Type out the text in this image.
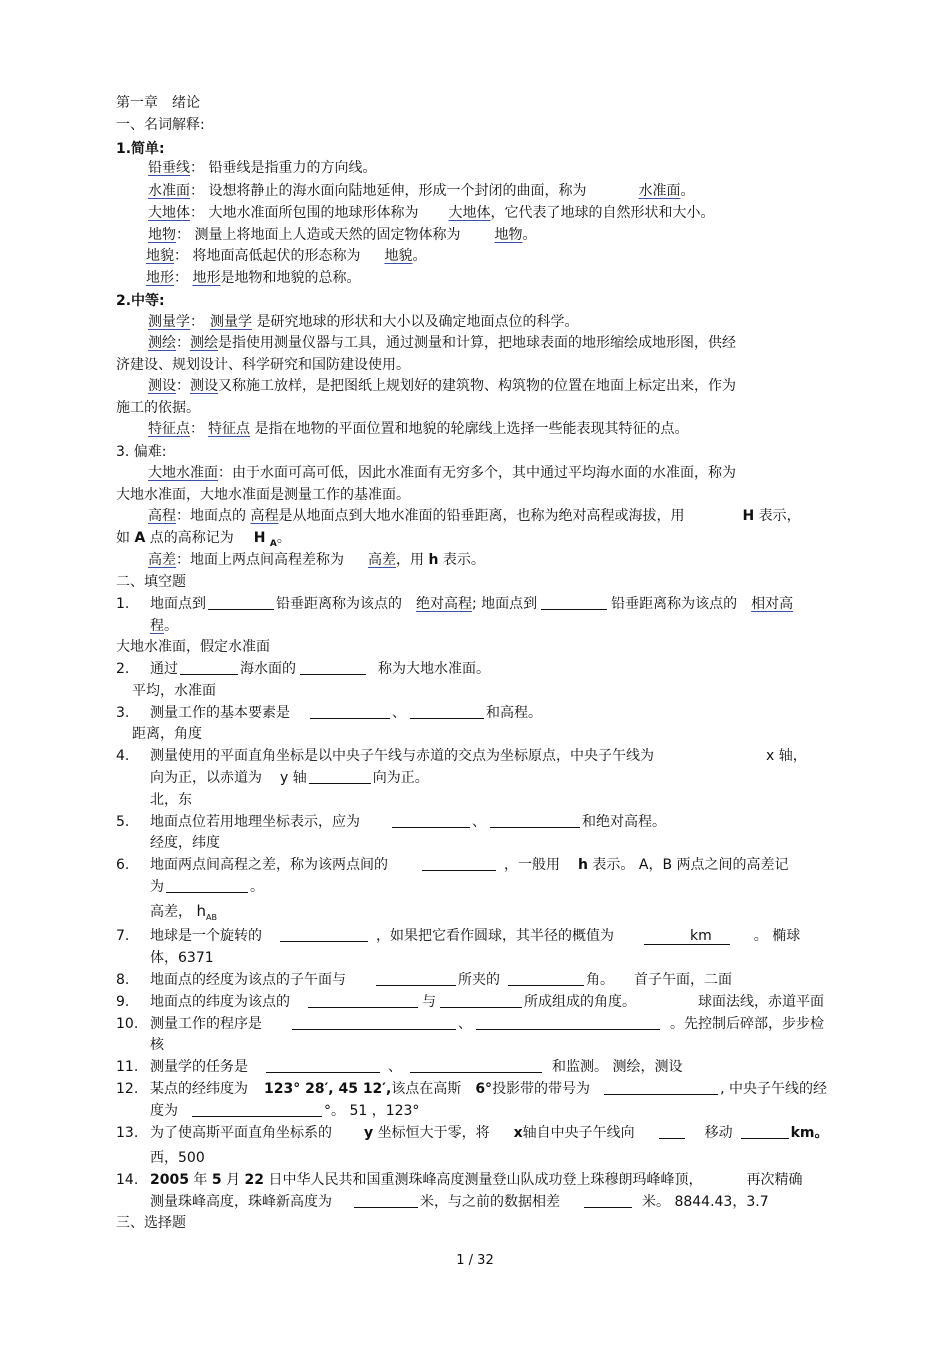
第一章　绪论
一、名词解释:
1.简单:
铅垂线： 铅垂线是指重力的方向线。
水准面： 设想将静止的海水面向陆地延伸，形成一个封闭的曲面，称为	水准面。
大地体： 大地水准面所包围的地球形体称为 大地体，它代表了地球的自然形状和大小。
地物： 测量上将地面上人造或天然的固定物体称为 地物。
地貌： 将地面高低起伏的形态称为 地貌。
地形： 地形是地物和地貌的总称。
2.中等:
测量学： 测量学 是研究地球的形状和大小以及确定地面点位的科学。
测绘：测绘是指使用测量仪器与工具，通过测量和计算，把地球表面的地形缩绘成地形图，供经
济建设、规划设计、科学研究和国防建设使用。
测设：测设又称施工放样，是把图纸上规划好的建筑物、构筑物的位置在地面上标定出来，作为
施工的依据。
特征点： 特征点 是指在地物的平面位置和地貌的轮廓线上选择一些能表现其特征的点。
3. 偏难:
大地水准面：由于水面可高可低，因此水准面有无穷多个，其中通过平均海水面的水准面，称为
大地水准面，大地水准面是测量工作的基准面。
高程：地面点的 高程是从地面点到大地水准面的铅垂距离，也称为绝对高程或海拔，用	H 表示，
如 A 点的高称记为 H $_A$。
高差：地面上两点间高程差称为 高差，用 h 表示。
二、填空题
1. 地面点到	铅垂距离称为该点的 绝对高程; 地面点到	铅垂距离称为该点的 相对高
程。
大地水准面，假定水准面
2. 通过	海水面的	称为大地水准面。
平均，水准面
3. 测量工作的基本要素是	、	和高程。
距离，角度
4. 测量使用的平面直角坐标是以中央子午线与赤道的交点为坐标原点，中央子午线为	x 轴，
向为正，以赤道为 y 轴	向为正。
北，东
5. 地面点位若用地理坐标表示，应为	、	和绝对高程。
经度，纬度
6. 地面两点间高程之差，称为该两点间的	，一般用 h 表示。 A，B 两点之间的高差记
为	。
高差， $h_{AB}$
7. 地球是一个旋转的	，如果把它看作圆球，其半径的概值为	km	。 椭球
体，6371
8. 地面点的经度为该点的子午面与	所夹的	角。 首子午面，二面
9. 地面点的纬度为该点的	与	所成组成的角度。	球面法线，赤道平面
10. 测量工作的程序是	、	。先控制后碎部，步步检
核
11. 测量学的任务是	、	和监测。 测绘，测设
12. 某点的经纬度为 123° 28′, 45 12′,该点在高斯 6°投影带的带号为	, 中央子午线的经
度为	°。 51 ，123°
13. 为了使高斯平面直角坐标系的 y 坐标恒大于零，将 x轴自中央子午线向	移动	km。
西，500
14. 2005 年 5 月 22 日中华人民共和国重测珠峰高度测量登山队成功登上珠穆朗玛峰峰顶，	再次精确
测量珠峰高度，珠峰新高度为	米，与之前的数据相差	米。 8844.43，3.7
三、选择题
1 / 32
